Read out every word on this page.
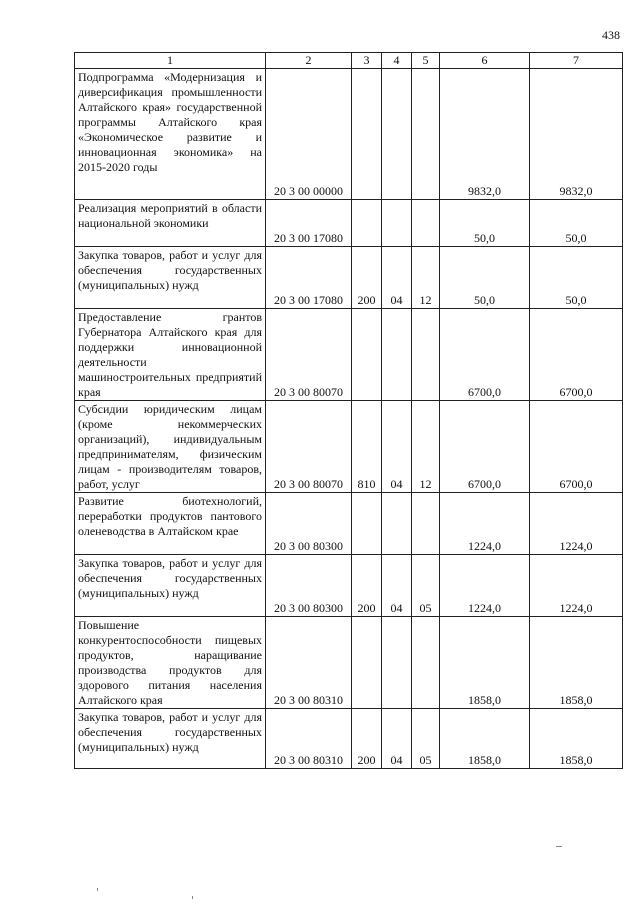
438
1	2	3	4	5	6	7
Подпрограмма «Модернизация и диверсификация промышленности Алтайского края» государственной программы Алтайского края «Экономическое развитие и инновационная экономика» на 2015-2020 годы	20 3 00 00000				9832,0	9832,0
Реализация мероприятий в области национальной экономики	20 3 00 17080				50,0	50,0
Закупка товаров, работ и услуг для обеспечения государственных (муниципальных) нужд	20 3 00 17080	200	04	12	50,0	50,0
Предоставление грантов Губернатора Алтайского края для поддержки инновационной деятельности машиностроительных предприятий края	20 3 00 80070				6700,0	6700,0
Субсидии юридическим лицам (кроме некоммерческих организаций), индивидуальным предпринимателям, физическим лицам - производителям товаров, работ, услуг	20 3 00 80070	810	04	12	6700,0	6700,0
Развитие биотехнологий, переработки продуктов пантового оленеводства в Алтайском крае	20 3 00 80300				1224,0	1224,0
Закупка товаров, работ и услуг для обеспечения государственных (муниципальных) нужд	20 3 00 80300	200	04	05	1224,0	1224,0
Повышение конкурентоспособности пищевых продуктов, наращивание производства продуктов для здорового питания населения Алтайского края	20 3 00 80310				1858,0	1858,0
Закупка товаров, работ и услуг для обеспечения государственных (муниципальных) нужд	20 3 00 80310	200	04	05	1858,0	1858,0
